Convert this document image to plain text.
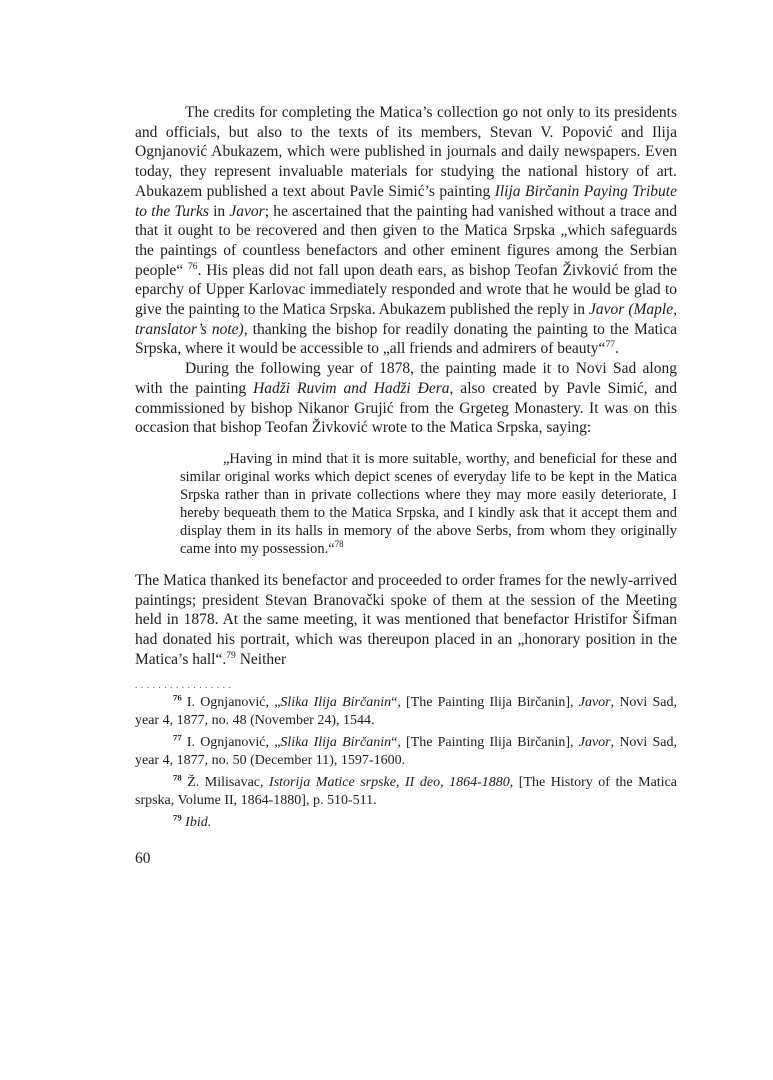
The credits for completing the Matica’s collection go not only to its presidents and officials, but also to the texts of its members, Stevan V. Popović and Ilija Ognjanović Abukazem, which were published in journals and daily newspapers. Even today, they represent invaluable materials for studying the national history of art. Abukazem published a text about Pavle Simić’s painting Ilija Birčanin Paying Tribute to the Turks in Javor; he ascertained that the painting had vanished without a trace and that it ought to be recovered and then given to the Matica Srpska „which safeguards the paintings of countless benefactors and other eminent figures among the Serbian people“ $^{76}$. His pleas did not fall upon death ears, as bishop Teofan Živković from the eparchy of Upper Karlovac immediately responded and wrote that he would be glad to give the painting to the Matica Srpska. Abukazem published the reply in Javor (Maple, translator’s note), thanking the bishop for readily donating the painting to the Matica Srpska, where it would be accessible to „all friends and admirers of beauty“$^{77}$.

During the following year of 1878, the painting made it to Novi Sad along with the painting Hadži Ruvim and Hadži Đera, also created by Pavle Simić, and commissioned by bishop Nikanor Grujić from the Grgeteg Monastery. It was on this occasion that bishop Teofan Živković wrote to the Matica Srpska, saying:

„Having in mind that it is more suitable, worthy, and beneficial for these and similar original works which depict scenes of everyday life to be kept in the Matica Srpska rather than in private collections where they may more easily deteriorate, I hereby bequeath them to the Matica Srpska, and I kindly ask that it accept them and display them in its halls in memory of the above Serbs, from whom they originally came into my possession.“$^{78}$

The Matica thanked its benefactor and proceeded to order frames for the newly-arrived paintings; president Stevan Branovački spoke of them at the session of the Meeting held in 1878. At the same meeting, it was mentioned that benefactor Hristifor Šifman had donated his portrait, which was thereupon placed in an „honorary position in the Matica’s hall“.$^{79}$ Neither

.................
$^{76}$ I. Ognjanović, „Slika Ilija Birčanin“, [The Painting Ilija Birčanin], Javor, Novi Sad, year 4, 1877, no. 48 (November 24), 1544.
$^{77}$ I. Ognjanović, „Slika Ilija Birčanin“, [The Painting Ilija Birčanin], Javor, Novi Sad, year 4, 1877, no. 50 (December 11), 1597-1600.
$^{78}$ Ž. Milisavac, Istorija Matice srpske, II deo, 1864-1880, [The History of the Matica srpska, Volume II, 1864-1880], p. 510-511.
$^{79}$ Ibid.
60
